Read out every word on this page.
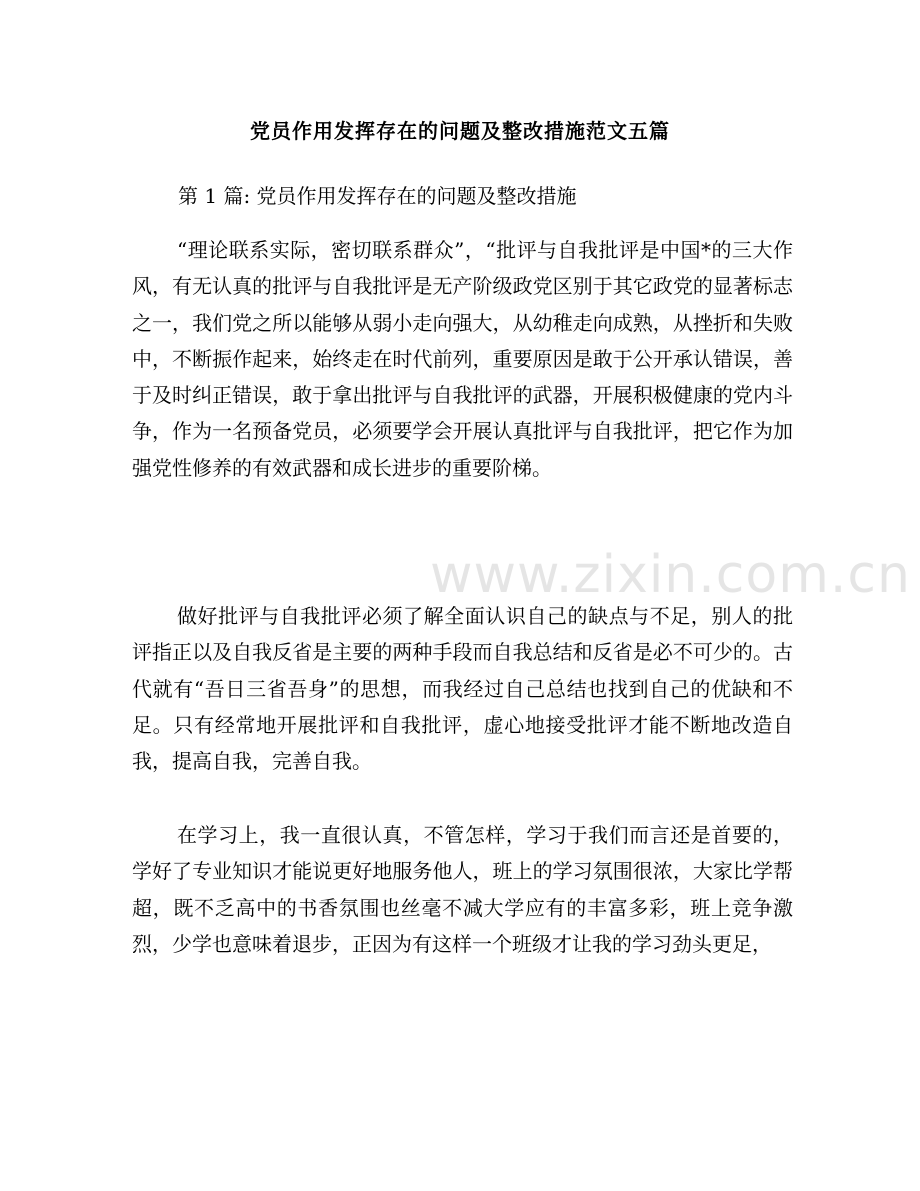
党员作用发挥存在的问题及整改措施范文五篇
第 1 篇: 党员作用发挥存在的问题及整改措施

“理论联系实际，密切联系群众”，“批评与自我批评是中国*的三大作风，有无认真的批评与自我批评是无产阶级政党区别于其它政党的显著标志之一，我们党之所以能够从弱小走向强大，从幼稚走向成熟，从挫折和失败中，不断振作起来，始终走在时代前列，重要原因是敢于公开承认错误，善于及时纠正错误，敢于拿出批评与自我批评的武器，开展积极健康的党内斗争，作为一名预备党员，必须要学会开展认真批评与自我批评，把它作为加强党性修养的有效武器和成长进步的重要阶梯。

做好批评与自我批评必须了解全面认识自己的缺点与不足，别人的批评指正以及自我反省是主要的两种手段而自我总结和反省是必不可少的。古代就有“吾日三省吾身”的思想，而我经过自己总结也找到自己的优缺和不足。只有经常地开展批评和自我批评，虚心地接受批评才能不断地改造自我，提高自我，完善自我。

在学习上，我一直很认真，不管怎样，学习于我们而言还是首要的，学好了专业知识才能说更好地服务他人，班上的学习氛围很浓，大家比学帮超，既不乏高中的书香氛围也丝毫不减大学应有的丰富多彩，班上竞争激烈，少学也意味着退步，正因为有这样一个班级才让我的学习劲头更足，

www.zixin.com.cn
